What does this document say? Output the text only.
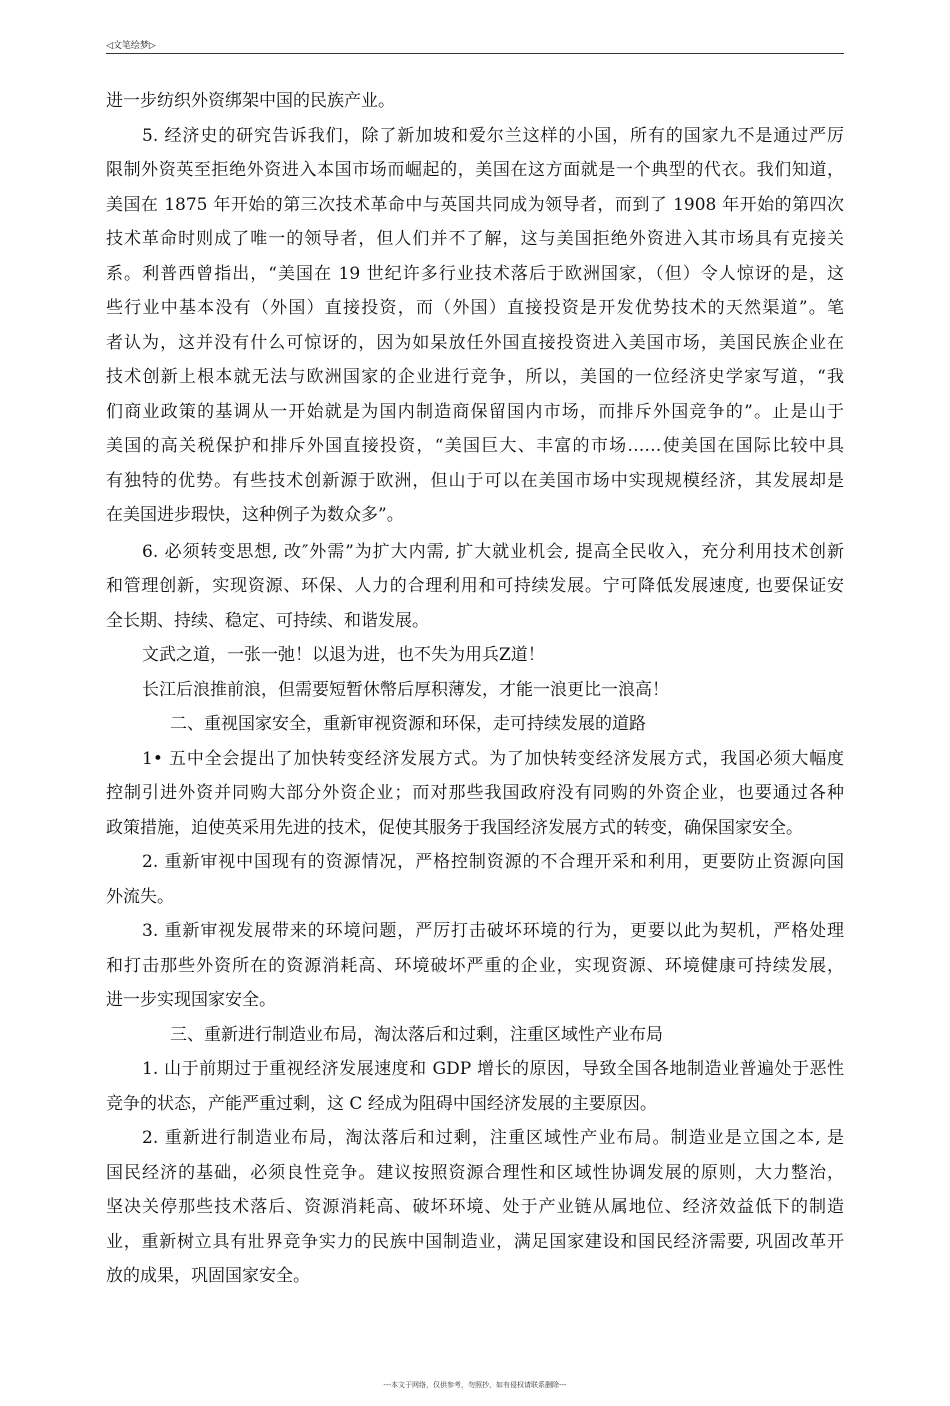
◁文笔绘梦▷
进一步纺织外资绑架中国的民族产业。
5. 经济史的研究告诉我们，除了新加坡和爱尔兰这样的小国，所有的国家九不是通过严厉
限制外资英至拒绝外资进入本国市场而崛起的，美国在这方面就是一个典型的代衣。我们知道，
美国在 1875 年开始的第三次技术革命中与英国共同成为领导者，而到了 1908 年开始的第四次
技术革命时则成了唯一的领导者，但人们并不了解，这与美国拒绝外资进入其市场具有克接关
系。利普西曾指出，“美国在 19 世纪许多行业技术落后于欧洲国家，（但）令人惊讶的是，这
些行业中基本没有（外国）直接投资，而（外国）直接投资是开发优势技术的天然渠道”。笔
者认为，这并没有什么可惊讶的，因为如杲放任外国直接投资进入美国市场，美国民族企业在
技术创新上根本就无法与欧洲国家的企业进行竞争，所以，美国的一位经济史学家写道，“我
们商业政策的基调从一开始就是为国内制造商保留国内市场，而排斥外国竞争的”。止是山于
美国的高关税保护和排斥外国直接投资，“美国巨大、丰富的市场……使美国在国际比较中具
有独特的优势。有些技术创新源于欧洲，但山于可以在美国市场中实现规模经济，其发展却是
在美国进步瑕快，这种例子为数众多”。
6. 必须转变思想, 改″外需”为扩大内需, 扩大就业机会, 提高全民收入，充分利用技术创新
和管理创新，实现资源、环保、人力的合理利用和可持续发展。宁可降低发展速度, 也要保证安
全长期、持续、稳定、可持续、和谐发展。
文武之道，一张一弛！以退为进，也不失为用兵Z道！
长江后浪推前浪，但需要短暂休幣后厚积薄发，才能一浪更比一浪高！
二、重视国家安全，重新审视资源和环保，走可持续发展的道路
1• 五中全会提出了加快转变经济发展方式。为了加快转变经济发展方式，我国必须大幅度
控制引进外资并同购大部分外资企业；而对那些我国政府没有同购的外资企业，也要通过各种
政策措施，迫使英采用先进的技术，促使其服务于我国经济发展方式的转变，确保国家安全。
2. 重新审视中国现有的资源情况，严格控制资源的不合理开采和利用，更要防止资源向国
外流失。
3. 重新审视发展带来的环境问题，严厉打击破坏环境的行为，更要以此为契机，严格处理
和打击那些外资所在的资源消耗高、环境破坏严重的企业，实现资源、环境健康可持续发展，
进一步实现国家安全。
三、重新进行制造业布局，淘汰落后和过剩，注重区域性产业布局
1. 山于前期过于重视经济发展速度和 GDP 增长的原因，导致全国各地制造业普遍处于恶性
竞争的状态，产能严重过剩，这 C 经成为阻碍中国经济发展的主要原因。
2. 重新进行制造业布局，淘汰落后和过剩，注重区域性产业布局。制造业是立国之本, 是
国民经济的基础，必须良性竞争。建议按照资源合理性和区域性协调发展的原则，大力整治，
坚决关停那些技术落后、资源消耗高、破坏环境、处于产业链从属地位、经济效益低下的制造
业，重新树立具有壯界竞争实力的民族中国制造业，满足国家建设和国民经济需要, 巩固改革开
放的成果，巩固国家安全。
---本文于网络，仅供参考，勿照抄，如有侵权请联系删除---
